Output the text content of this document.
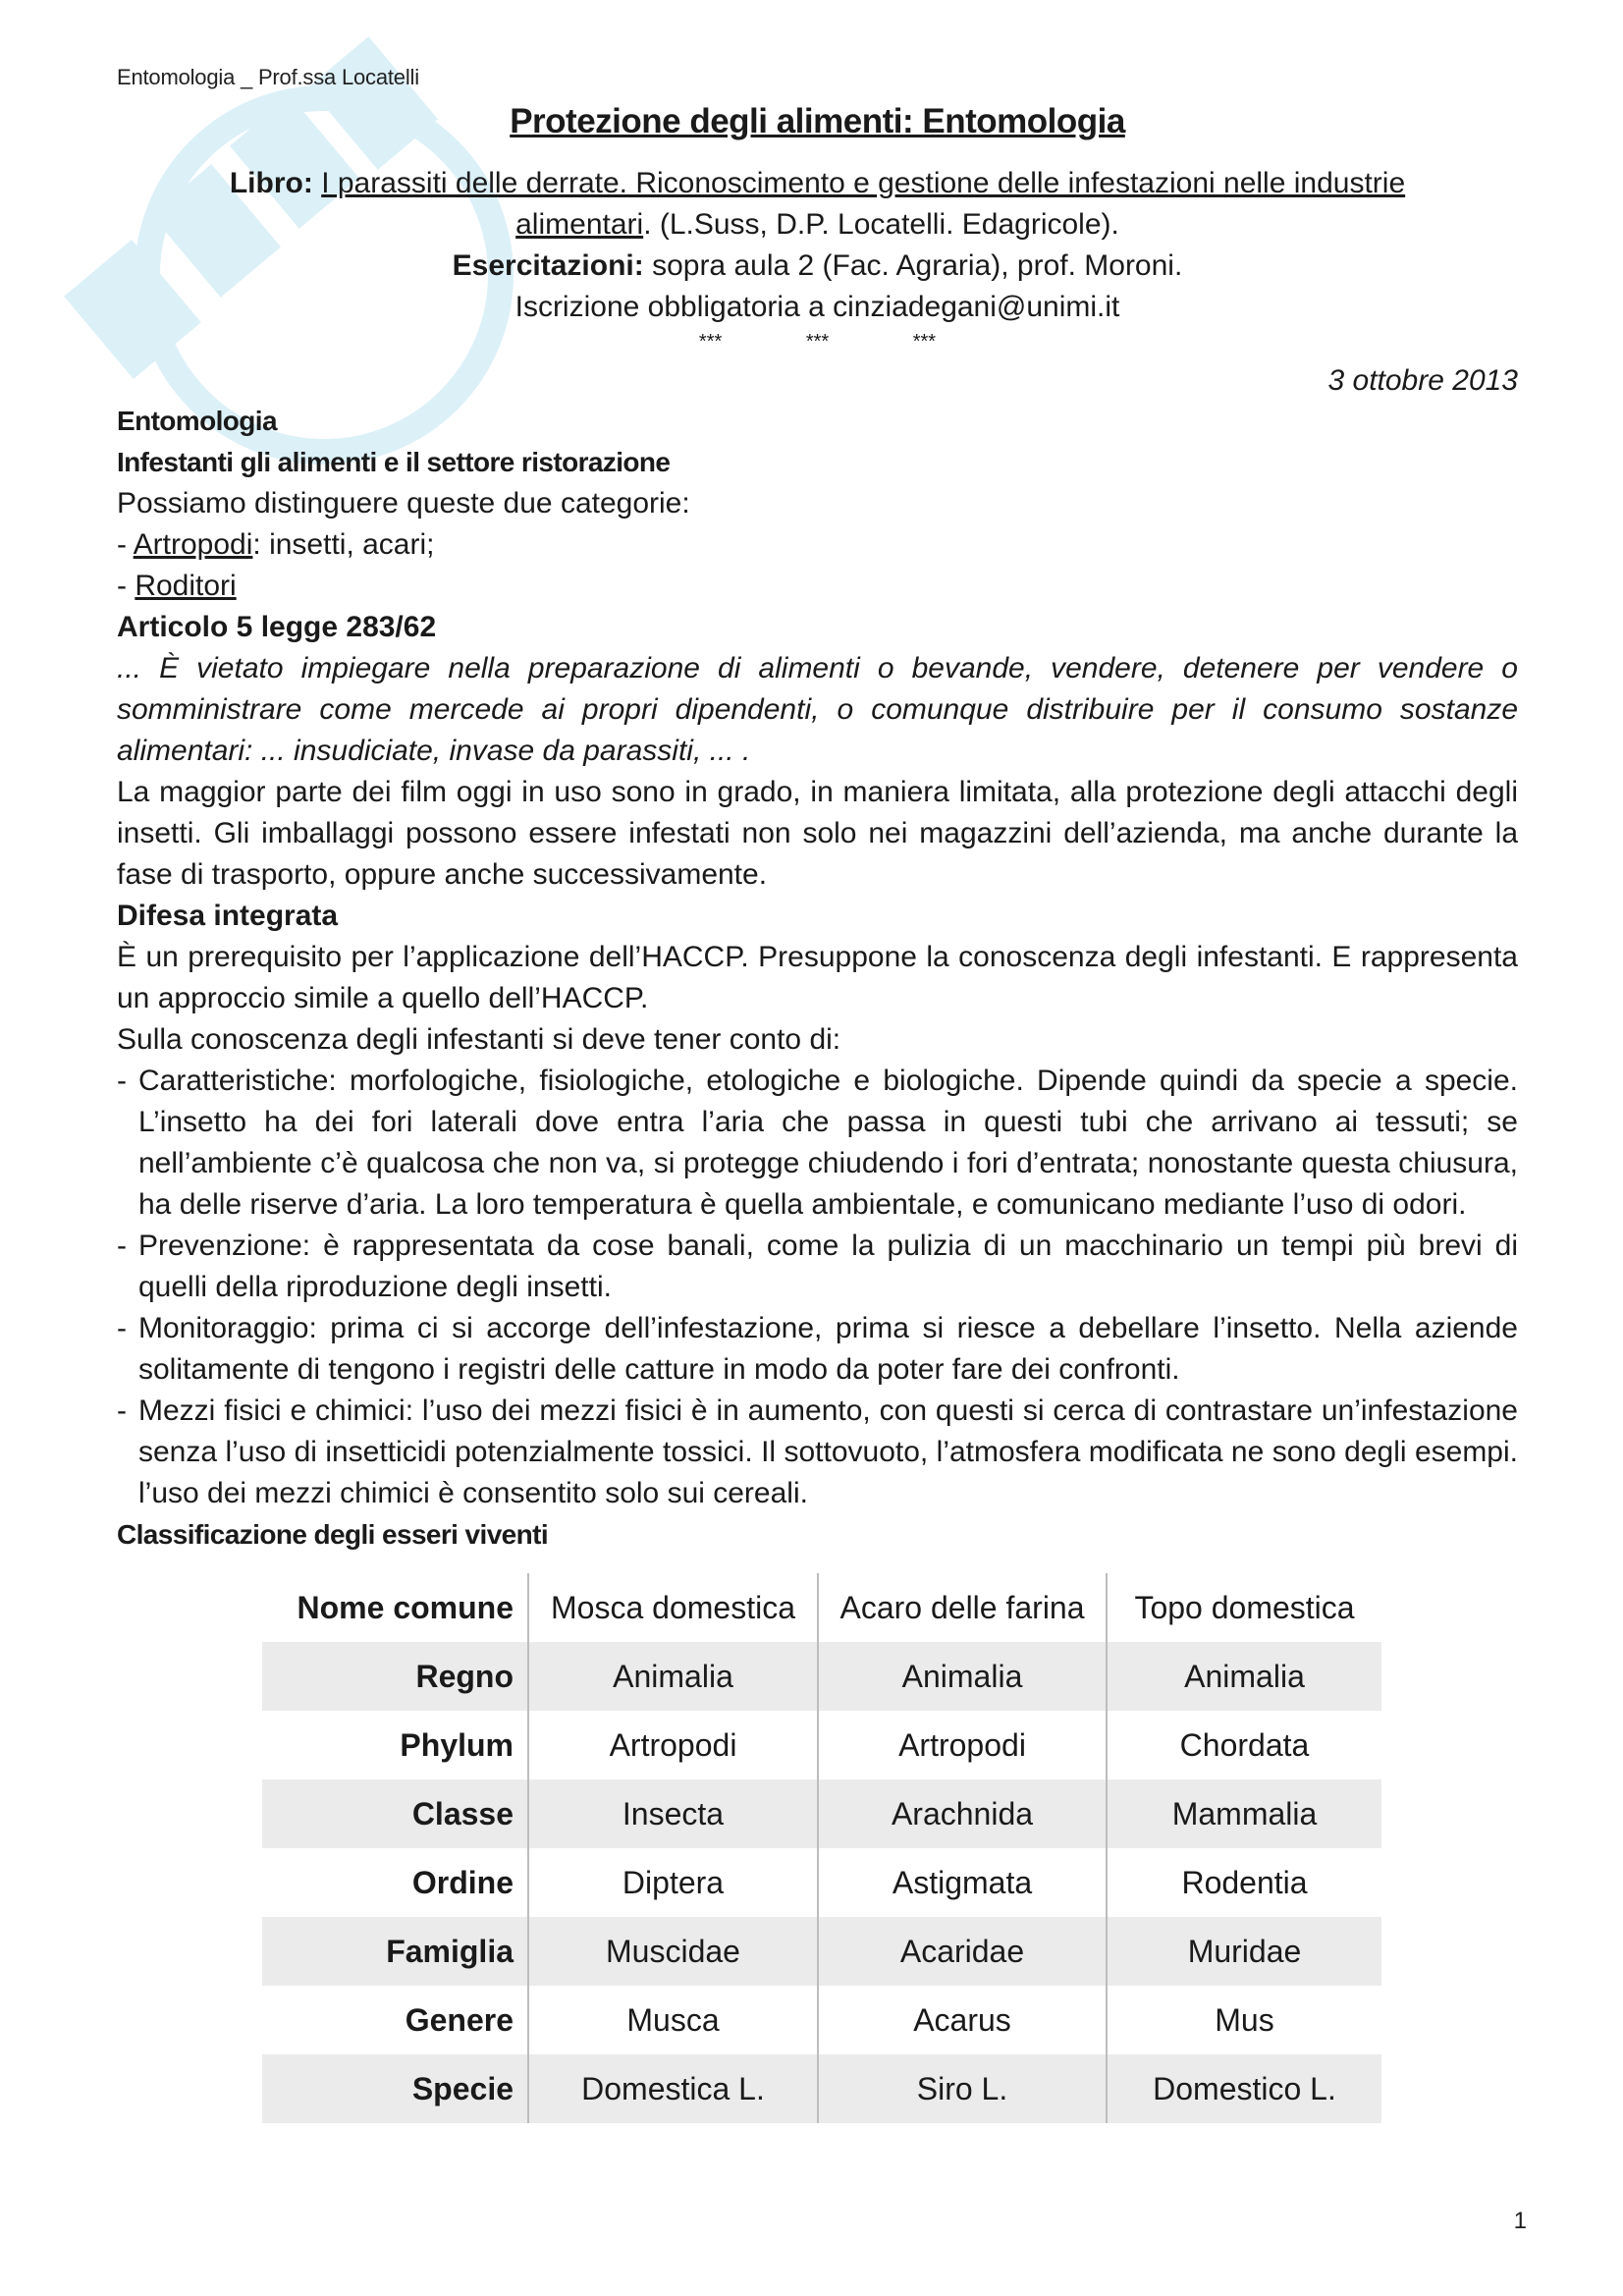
Entomologia _ Prof.ssa Locatelli
Protezione degli alimenti: Entomologia
Libro: I parassiti delle derrate. Riconoscimento e gestione delle infestazioni nelle industrie
alimentari. (L.Suss, D.P. Locatelli. Edagricole).
Esercitazioni: sopra aula 2 (Fac. Agraria), prof. Moroni.
Iscrizione obbligatoria a cinziadegani@unimi.it
*** *** ***
3 ottobre 2013
Entomologia
Infestanti gli alimenti e il settore ristorazione
Possiamo distinguere queste due categorie:
- Artropodi: insetti, acari;
- Roditori
Articolo 5 legge 283/62
... È vietato impiegare nella preparazione di alimenti o bevande, vendere, detenere per vendere o somministrare come mercede ai propri dipendenti, o comunque distribuire per il consumo sostanze alimentari: ... insudiciate, invase da parassiti, ... .
La maggior parte dei film oggi in uso sono in grado, in maniera limitata, alla protezione degli attacchi degli insetti. Gli imballaggi possono essere infestati non solo nei magazzini dell’azienda, ma anche durante la fase di trasporto, oppure anche successivamente.
Difesa integrata
È un prerequisito per l’applicazione dell’HACCP. Presuppone la conoscenza degli infestanti. E rappresenta un approccio simile a quello dell’HACCP.
Sulla conoscenza degli infestanti si deve tener conto di:
- Caratteristiche: morfologiche, fisiologiche, etologiche e biologiche. Dipende quindi da specie a specie. L’insetto ha dei fori laterali dove entra l’aria che passa in questi tubi che arrivano ai tessuti; se nell’ambiente c’è qualcosa che non va, si protegge chiudendo i fori d’entrata; nonostante questa chiusura, ha delle riserve d’aria. La loro temperatura è quella ambientale, e comunicano mediante l’uso di odori.
- Prevenzione: è rappresentata da cose banali, come la pulizia di un macchinario un tempi più brevi di quelli della riproduzione degli insetti.
- Monitoraggio: prima ci si accorge dell’infestazione, prima si riesce a debellare l’insetto. Nella aziende solitamente di tengono i registri delle catture in modo da poter fare dei confronti.
- Mezzi fisici e chimici: l’uso dei mezzi fisici è in aumento, con questi si cerca di contrastare un’infestazione senza l’uso di insetticidi potenzialmente tossici. Il sottovuoto, l’atmosfera modificata ne sono degli esempi. l’uso dei mezzi chimici è consentito solo sui cereali.
Classificazione degli esseri viventi
Nome comune	Mosca domestica	Acaro delle farina	Topo domestica
Regno	Animalia	Animalia	Animalia
Phylum	Artropodi	Artropodi	Chordata
Classe	Insecta	Arachnida	Mammalia
Ordine	Diptera	Astigmata	Rodentia
Famiglia	Muscidae	Acaridae	Muridae
Genere	Musca	Acarus	Mus
Specie	Domestica L.	Siro L.	Domestico L.
1
